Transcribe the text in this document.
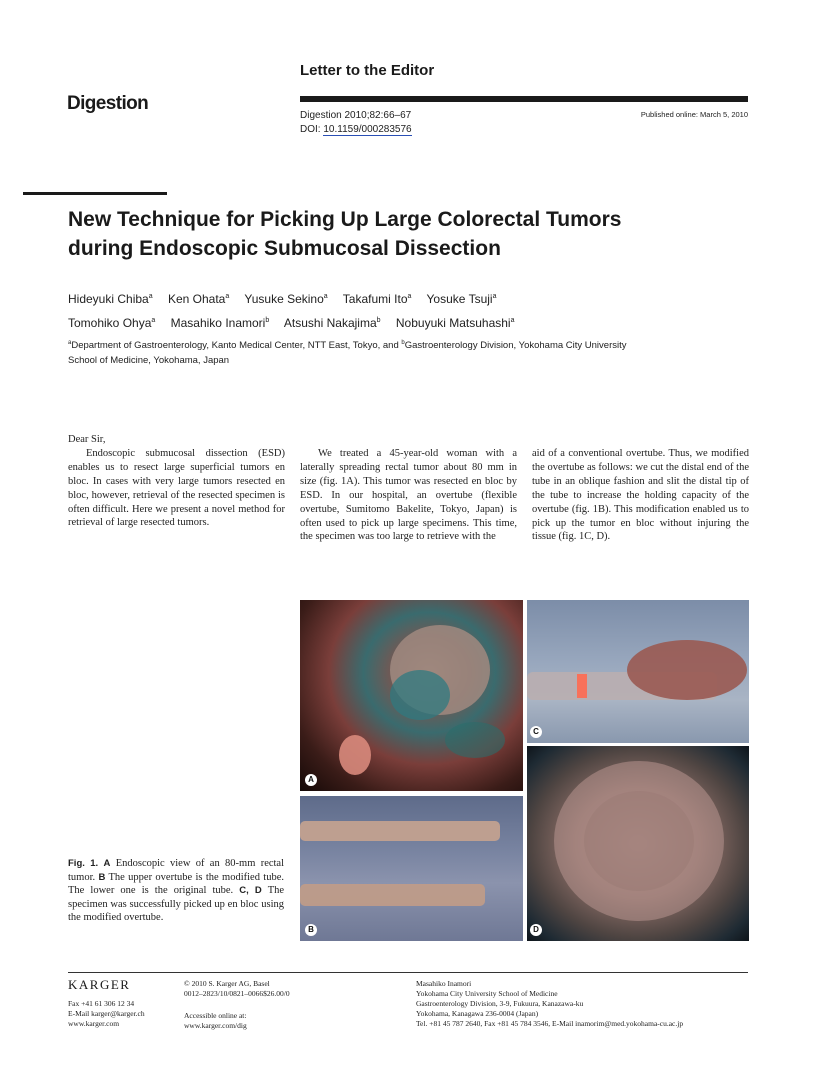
Digestion
Letter to the Editor
Digestion 2010;82:66–67
DOI: 10.1159/000283576
Published online: March 5, 2010
New Technique for Picking Up Large Colorectal Tumors during Endoscopic Submucosal Dissection
Hideyuki Chiba$^a$ Ken Ohata$^a$ Yusuke Sekino$^a$ Takafumi Ito$^a$ Yosuke Tsuji$^a$
Tomohiko Ohya$^a$ Masahiko Inamori$^b$ Atsushi Nakajima$^b$ Nobuyuki Matsuhashi$^a$
$^a$Department of Gastroenterology, Kanto Medical Center, NTT East, Tokyo, and $^b$Gastroenterology Division, Yokohama City University School of Medicine, Yokohama, Japan

Dear Sir,

Endoscopic submucosal dissection (ESD) enables us to resect large superficial tumors en bloc. In cases with very large tumors resected en bloc, however, retrieval of the resected specimen is often difficult. Here we present a novel method for retrieval of large resected tumors.

We treated a 45-year-old woman with a laterally spreading rectal tumor about 80 mm in size (fig. 1A). This tumor was resected en bloc by ESD. In our hospital, an overtube (flexible overtube, Sumitomo Bakelite, Tokyo, Japan) is often used to pick up large specimens. This time, the specimen was too large to retrieve with the

aid of a conventional overtube. Thus, we modified the overtube as follows: we cut the distal end of the tube in an oblique fashion and slit the distal tip of the tube to increase the holding capacity of the overtube (fig. 1B). This modification enabled us to pick up the tumor en bloc without injuring the tissue (fig. 1C, D).

A
B
C
D
Fig. 1. A Endoscopic view of an 80-mm rectal tumor. B The upper overtube is the modified tube. The lower one is the original tube. C, D The specimen was successfully picked up en bloc using the modified overtube.
KARGER
Fax +41 61 306 12 34
E-Mail karger@karger.ch
www.karger.com
© 2010 S. Karger AG, Basel
0012–2823/10/0821–0066$26.00/0
Accessible online at:
www.karger.com/dig
Masahiko Inamori
Yokohama City University School of Medicine
Gastroenterology Division, 3-9, Fukuura, Kanazawa-ku
Yokohama, Kanagawa 236-0004 (Japan)
Tel. +81 45 787 2640, Fax +81 45 784 3546, E-Mail inamorim@med.yokohama-cu.ac.jp
